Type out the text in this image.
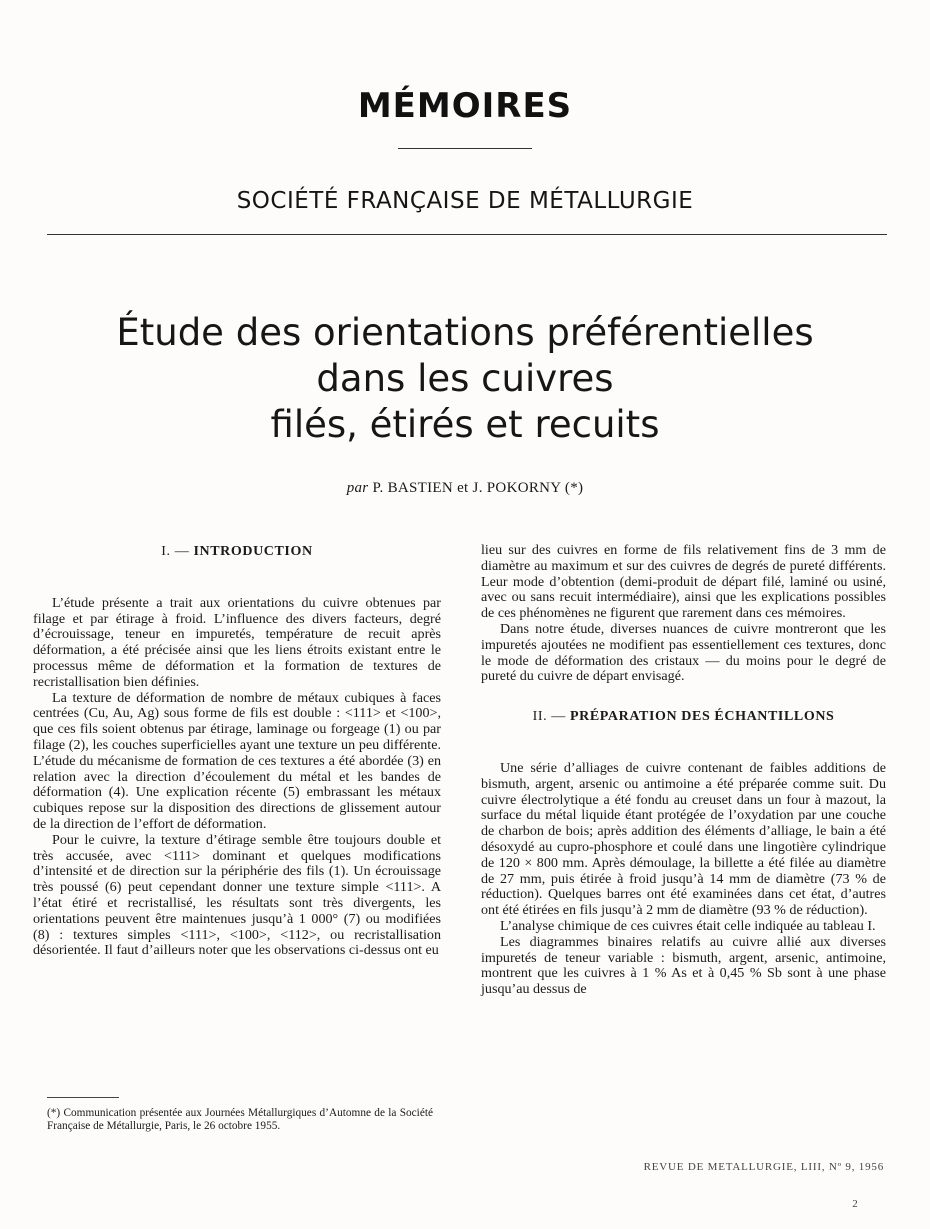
MÉMOIRES
SOCIÉTÉ FRANÇAISE DE MÉTALLURGIE
Étude des orientations préférentielles
dans les cuivres
filés, étirés et recuits
par P. BASTIEN et J. POKORNY (*)
I. — INTRODUCTION

L’étude présente a trait aux orientations du cuivre obtenues par filage et par étirage à froid. L’influence des divers facteurs, degré d’écrouissage, teneur en impuretés, température de recuit après déformation, a été précisée ainsi que les liens étroits existant entre le processus même de déformation et la formation de textures de recristallisation bien définies.

La texture de déformation de nombre de métaux cubiques à faces centrées (Cu, Au, Ag) sous forme de fils est double : <111> et <100>, que ces fils soient obtenus par étirage, laminage ou forgeage (1) ou par filage (2), les couches superficielles ayant une texture un peu différente. L’étude du mécanisme de formation de ces textures a été abordée (3) en relation avec la direction d’écoulement du métal et les bandes de déformation (4). Une explication récente (5) embrassant les métaux cubiques repose sur la disposition des directions de glissement autour de la direction de l’effort de déformation.

Pour le cuivre, la texture d’étirage semble être toujours double et très accusée, avec <111> dominant et quelques modifications d’intensité et de direction sur la périphérie des fils (1). Un écrouissage très poussé (6) peut cependant donner une texture simple <111>. A l’état étiré et recristallisé, les résultats sont très divergents, les orientations peuvent être maintenues jusqu’à 1 000° (7) ou modifiées (8) : textures simples <111>, <100>, <112>, ou recristallisation désorientée. Il faut d’ailleurs noter que les observations ci-dessus ont eu

lieu sur des cuivres en forme de fils relativement fins de 3 mm de diamètre au maximum et sur des cuivres de degrés de pureté différents. Leur mode d’obtention (demi-produit de départ filé, laminé ou usiné, avec ou sans recuit intermédiaire), ainsi que les explications possibles de ces phénomènes ne figurent que rarement dans ces mémoires.

Dans notre étude, diverses nuances de cuivre montreront que les impuretés ajoutées ne modifient pas essentiellement ces textures, donc le mode de déformation des cristaux — du moins pour le degré de pureté du cuivre de départ envisagé.

II. — PRÉPARATION DES ÉCHANTILLONS

Une série d’alliages de cuivre contenant de faibles additions de bismuth, argent, arsenic ou antimoine a été préparée comme suit. Du cuivre électrolytique a été fondu au creuset dans un four à mazout, la surface du métal liquide étant protégée de l’oxydation par une couche de charbon de bois; après addition des éléments d’alliage, le bain a été désoxydé au cupro-phosphore et coulé dans une lingotière cylindrique de 120 × 800 mm. Après démoulage, la billette a été filée au diamètre de 27 mm, puis étirée à froid jusqu’à 14 mm de diamètre (73 % de réduction). Quelques barres ont été examinées dans cet état, d’autres ont été étirées en fils jusqu’à 2 mm de diamètre (93 % de réduction).

L’analyse chimique de ces cuivres était celle indiquée au tableau I.

Les diagrammes binaires relatifs au cuivre allié aux diverses impuretés de teneur variable : bismuth, argent, arsenic, antimoine, montrent que les cuivres à 1 % As et à 0,45 % Sb sont à une phase jusqu’au dessus de

(*) Communication présentée aux Journées Métallurgiques d’Automne de la Société Française de Métallurgie, Paris, le 26 octobre 1955.
REVUE DE METALLURGIE, LIII, Nº 9, 1956
2
